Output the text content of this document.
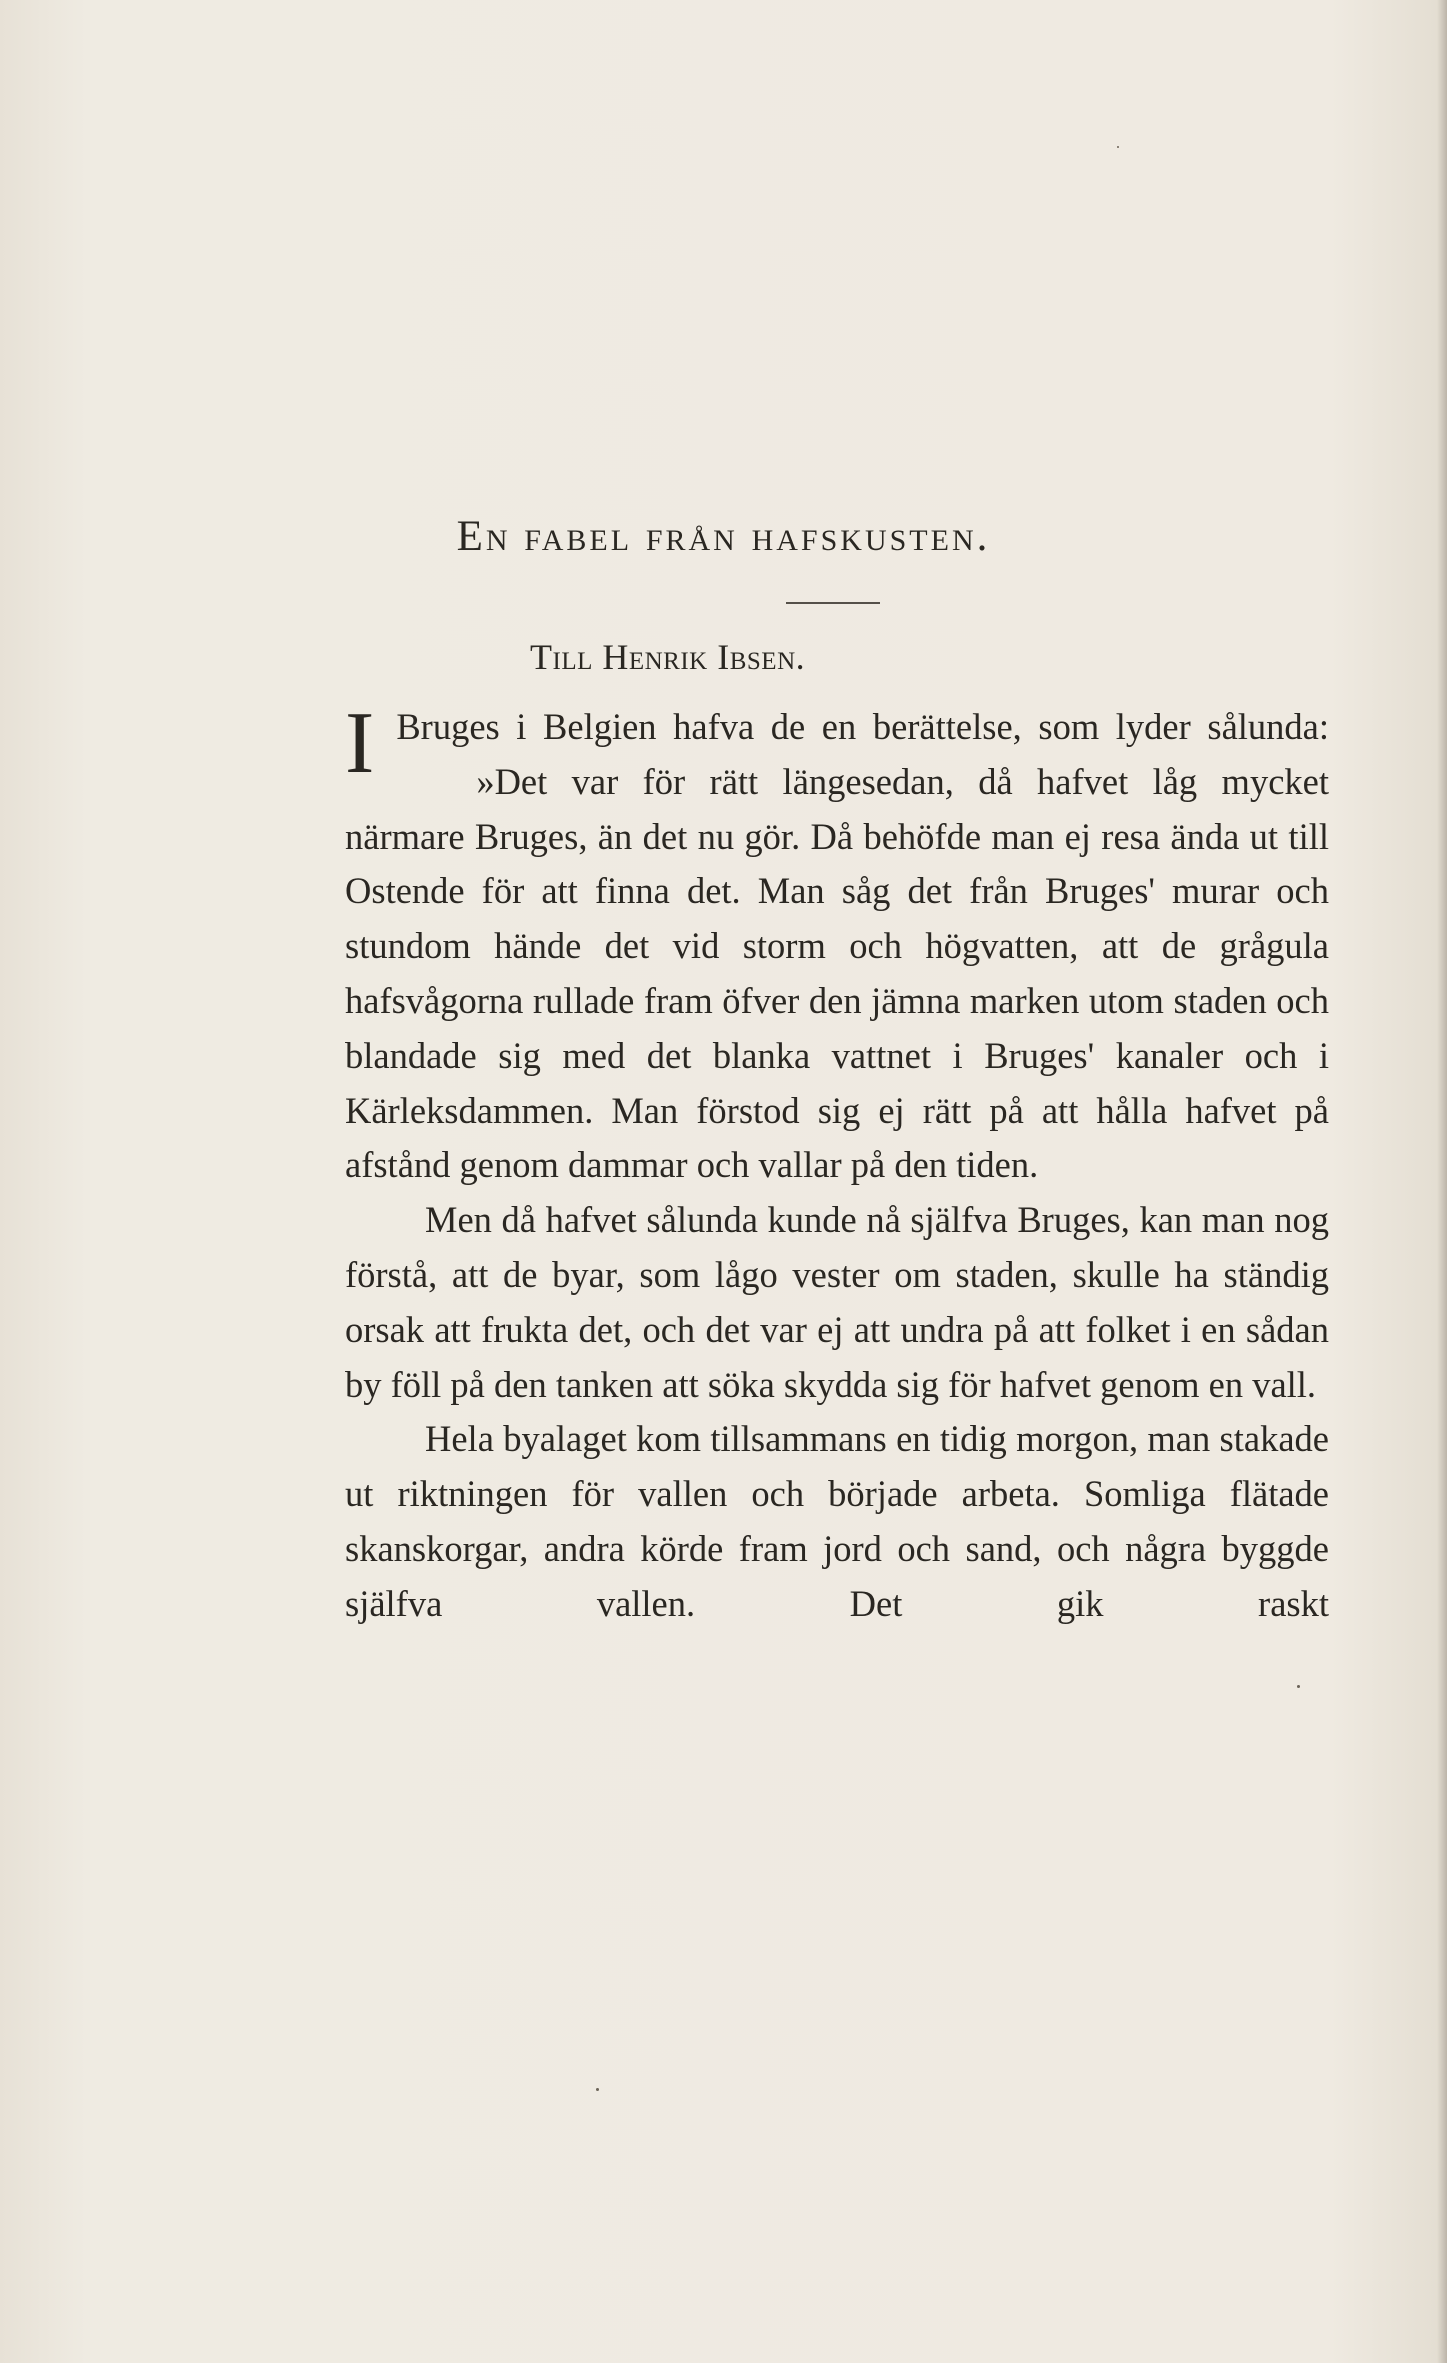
En fabel från hafskusten.
Till Henrik Ibsen.

I Bruges i Belgien hafva de en berättelse, som lyder sålunda:

»Det var för rätt längesedan, då hafvet låg mycket närmare Bruges, än det nu gör. Då behöfde man ej resa ända ut till Ostende för att finna det. Man såg det från Bruges' murar och stundom hände det vid storm och högvatten, att de grågula hafsvågorna rullade fram öfver den jämna marken utom staden och blandade sig med det blanka vattnet i Bruges' kanaler och i Kärleksdammen. Man förstod sig ej rätt på att hålla hafvet på afstånd genom dammar och vallar på den tiden.

Men då hafvet sålunda kunde nå själfva Bruges, kan man nog förstå, att de byar, som lågo vester om staden, skulle ha ständig orsak att frukta det, och det var ej att undra på att folket i en sådan by föll på den tanken att söka skydda sig för hafvet genom en vall.

Hela byalaget kom tillsammans en tidig morgon, man stakade ut riktningen för vallen och började arbeta. Somliga flätade skanskorgar, andra körde fram jord och sand, och några byggde själfva vallen. Det gik raskt
